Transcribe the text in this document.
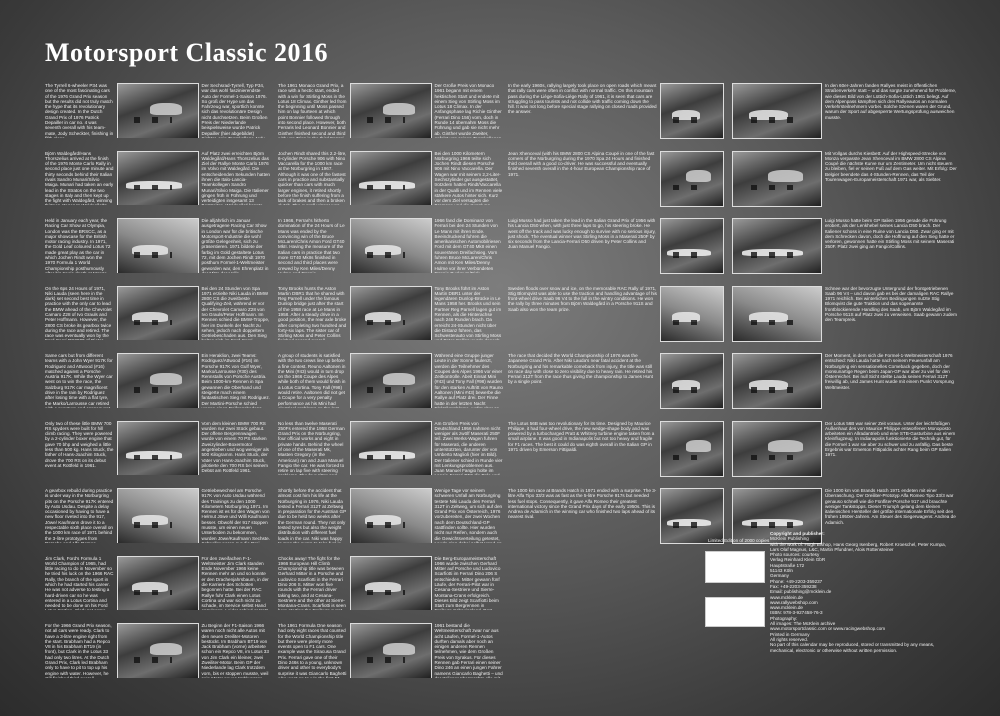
Motorsport Classic 2016

The Tyrrell 6-wheeler P34 was one of the most fascinating cars of the 1976 Grand Prix season but the results did not truly match the hype that its revolutionary design created. In the Dutch Grand Prix of 1976 Patrick Depailler in car no. 4 was seventh overall with his team-mate, Jody Scheckter, finishing in

Der Sechsrad-Tyrrell, Typ P34, war das wohl faszinierendste Auto der Formel-1-Saison 1976. So groß der Hype um das Fahrzeug war, sportlich konnte sich das revolutionäre Design nicht durchsetzen. Beim Großen Preis der Niederlande beispielsweise wurde Patrick Depailler (hier abgebildet)

Björn Waldegård/Hans Thorszelius arrived at the finish of the 1976 Monte Carlo Rally in second place just one minute and thirty seconds behind their Italian rivals Sandro Munari/Silvio Maiga. Munari had taken an early lead in the Stratos on the two stages in Italy and then kept up the fight with Waldegård, winning

Auf Platz zwei erreichten Björn Waldegård/Hans Thorszelius das Ziel der Rallye Monte Carlo 1976 im Volvo mit Waldegård. Die entscheidenden Sekunden hatten ihnen die Italo-Lancia-Teamkollegen Sandro Munari/Silvio Maiga. Die Italiener gingen früh in Führung und verteidigten insgesamt 13

Held in January each year, the Racing Car Show at Olympia, London was the BRSCC, as a major showcase for the British motor racing industry. In 1971, the Gold Leaf coloured Lotus 72 made great play as the car in which Jochen Rindt won the 1970 Formula 1 World Championship posthumously

Die alljährlich im Januar ausgetragene Racing Car Show in London war für die britische Motorsport-Industrie die wohl größte Gelegenheit, sich zu präsentieren. 1971 bildete der farbig im Gold gestaltete Lotus 72, mit dem Jochen Rindt 1970 posthum Formel-1-Weltmeister geworden war, den Ehrenplatz in

On the 6ps 24 Hours of 1971, Niki Lauda (seen here in the dark) set second best time in practice with the only car to lead the BMW ahead of the Chevrolet Camaro Z28 of Ivo Grauls and Peter Hoffmann. However, the 2800 CS broke its gearbox twice during the race and retired. The race was eventually won by the

Bei den 24 Stunden von Spa 1971 erzielte Niki Lauda in BMW 2800 CS die zweitbeste Qualifying-Zeit, während er vor der Chevrolet Camaro Z28 von Ivo Grauls/Peter Hoffmann. Im Rennen schied die BMW-Troppe, hier im Dunkeln der Nacht zu sehen, jedoch nach doppeltem Getriebeschaden aus. Den Sieg

Same cars but from different teams with a John Wyer 917K for Rodriguez and Attwood (#16) matched against a Porsche Austria 917K. While the Wyer car went on to win the race, the Salzburg 917K car magnificent drive in the rain by Rodriguez after losing time with a flat tyre, the Marko/Larrousse car retired

Ein Heraklion, zwei Teams: Rodriguez/Attwood (#16) im Porsche 917K von Gulf Wyer, Marko/Larrousse (#30) des Rennstalls von Porsche Austria. Beim 1000-km-Rennen in Spa gewannen die Oberhand und steigerte mach einem fantastischen Sieg mit Rodriguez. Der Martini-Porsche schied

Only two of these little BMW 700 RS spyders were built for hill climb racing. They were powered by a 2-cylinder boxer engine that gave 70 bhp and weighed a little less than 500 kg. Hans Stuck, the father of Hans-Joachim Stuck, drove the 700 RS on its debut event at Rottfeld in 1961.

Vom dem kleinen BMW 700 RS wurden nur zwei Stück gebaut. Der offene Bergrennwagen wurde von einem 70 PS starken Zweizylinder-Boxermotor angetrieben und wog weniger als 500 Kilogramm. Hans Stuck, der Vater von Hans-Joachim Stuck, pilotierte den 700 RS bei seinem Debüt am Rottfeld 1961.

A gearbox rebuild during practice is under way in the Nürburgring pits on the Porsche 917K entered by Auto Usdau. Despite a delay occasioned by having to have a new floor riveted into the 917, Jöwe/ Kaufmann drove it to a respectable sixth place overall on the 1000 km race of 1971 behind the 3-litre prototypes from

Getriebewechsel am Porsche 917K von Auto Usdau während des Trainings zu den 1000 Kilometern Nürburgring 1971. Im Rennen ist es für den Wagen von Helmut Jöwe und Willi Kaufmann besser. Obwohl der 917 stoppen musste, um einen neuen Unterboden zu bekommen, wurden Jöwe/Kaufmann Sechste.

Jim Clark, Ford's Formula 1 World Champion of 1965, had little racing to do in November so he tried his luck on the 1966 RAC Rally, the branch of the sport in which he had started his career. He was not adverse to testing a hard-driven car so he was entered in a Lotus Cortina and needed to be done on his Ford

Für den zweifachen F-1-Weltmeister Jim Clark standen Ende November 1966 keine Rennen mehr an und so konnte er den Drachenjahrsbaum, in der die Karriere des Schotten begonnen hatte. Bei der RAC Rallye fuhr Clark einen Lotus Cortina und war sich nicht zu schade, im Service selbst Hand

For the 1966 Grand Prix season, not all cars were ready. Clark to have a 3-litre engine right from the start. Brabham had a Repco V8 in his Brabham BT19 (in front), but Clark in the Lotus 33 had only two litres. At the Dutch Grand Prix, Clark led Brabham only to have to pit to top up his engine with water. However, he

Zu Beginn der F1-Saison 1966 waren noch nicht alle Autos mit den neuen Dreiliter-Motoren bestückt. Im Brabham BT19 von Jack Brabham (vorne) arbeitete schon ein Repco V8, im Lotus 33 von Jim Clark ein kleiner, zwei Zweiliter-Motor. Beim GP der Niederlande lag Clark trotzdem vorn, bis er stoppen musste, weil

The 1961 Monaco Grand Prix, a race with a hectic start, ended with a win for Stirling Moss in the Lotus 18 Climax. Ginther led from the beginning until Moss passed him on lap fourteen at which point Bonnier followed through into second place. However, both Ferraris led Leonard Bonnier and Ginther finished second and third

Der Große Preis von Monaco 1961 begann mit einem hektischen Start und endete mit einem Sieg von Stirling Moss im Lotus 18 Climax. In der Anfangsphase lag Richie Ginther (Ferrari Dino 156) vorn, doch in Runde 14 übernahm Moss die Führung und gab sie nicht mehr ab. Ginther wurde Zweiter,

Jochen Rindt shared this 2.2-litre, 6-cylinder Porsche 906 with Nino Vaccarella for the 1000 km race at the Nürburgring in 1967. Although it was one of the fastest cars in practice and substantially quicker than cars with much larger engines, it retired shortly before the finish suffering from a lack of brakes and then a broken

Bei den 1000 Kilometern Nürburgring 1966 teilte sich Jochen Rindt diesen Porsche 906 mit Nino Vaccarella. Der Wagen war mit seinem 2,2-Liter-Sechszylinder gut ausgestattet, trotzdem hatten Rindt/Vaccarella in der Qualli und im Rennen viele stärkere Autos hinter sich. Kurz vor dem Ziel versagten die

In 1966, Ferrari's hitherto domination of the 24 Hours of Le Mans was ended by the convincing win of the Bruce McLaren/Chris Amon Ford GT40 MkII. Having the measure of the Italian cars in practice that two more GT40 MkIIs finished in second and third places were crewed by Ken Miles/Denny

1966 fand die Dominanz von Ferrari bei den 24 Stunden von Le Mans mit ihren Ende. Beeindruckend fuhren die amerikanischen Automobilriesen Ford mit dem GT40 MkII einen souveränen Dreifachsieg. Vorn fuhren Bruce McLaren/Chris Amon mit Ken Miles/Denny Hulme vor ihrer Verbündeten

Tony Brooks hunts the Aston Martin DBR1 that he shared with Reg Parnell under the famous Dunlop bridge just after the start of the 1958 race at Le Mans in 1958. After a steady drive in a good position, the rear axle broke after completing two hundred and forty-six laps. The sister car of Stirling Moss and Peter Collins

Tony Brooks führt im Aston Martin DBR1 unter der legendären Dunlop-Brücke in Le Mans 1958 her. Brooks und sein Partner Reg Parnell lagen gut im Rennen, als die Hinterachse nach 246 Runden brach. Da erreicht 24-Stunden nicht über die Distanz führen, das Schwesterauto von Stirling Moss

A group of students is satisfied with the two crews line up before a fine contest. Reuno Aaltonen in the Mini (#43) would in turn drop on the 1966 Coupe des Alpes while both of them would finish in a Lotus Cortina. Tony Fall (#98) would retire. Aaltonen did not get a Coupe for a very penalty performance as his Mini had

Während eine Gruppe junger Leute in der Sonne faulenzt, werden die Teilnehmer des Coupes des Alpes 1966 vor einer Zeitkontrolle. Abeit Einsat Mini (#43) und Tony Fall (#98) wurden für den starken Auftritt von Rauno Aaltonen (Mini #43) bewerbe die Rallye auf Platz drei. Der Finne hatte in der letzten Nacht

No less than twelve Maserati 250Fs entered the 1958 German Grand Prix on the Nürburgring, four official works and eight in private hands. Behind the wheel of one of the Maserati Mk, Masten Gregory (in the American) ran and Juan Manuel Fangio the car. He was forced to retire on lap five with steering

Am Großen Preis von Deutschland 1956 nahmen nicht weniger als zwölf Maserati 250F teil. Zwei Werks-Wagen fuhren für Maserati, die anderen unterstützten, darunter der von Umberto Maglioli (hier im Bild). Der Italiener schied in Runde vier mit Lenkungsproblemen aus. Juan Manuel Fangio holte im

Shortly before the accident that almost cost him his life at the Nürburgring in 1976, Niki Lauda tested a Ferrari 312T at Zeltweg in preparation for the Austrian GP due to be held two weeks after the German round. They not only tested tyres but also the weight distribution with different fuel loads in the car. Niki was happy

Wenige Tage vor seinem schweren Unfall am Nürburgring testete Niki Lauda den Ferrari 312T in Zeltweg, um sich auf den Grand Prix von Österreich, 1976 vorzubereiten, der zwei Wochen nach dem Deutschland-GP stattfinden sollte. Hier wurden nicht nur Reifen, sondern auch die Gewichtsverteilung getestet,

Chocks away! The fight for the 1966 European Hill Climb Championship title was between Gerhard Mitter in a Porsche and Ludovico Scarfiotti in the Ferrari Dino 206 S. Mitter won five rounds with the Ferrari driver taking two, and at Cesana-Sestriere and the other at Sierre-Montana-Crans. Scarfiotti is seen

Die Berg-Europameisterschaft 1966 wurde zwischen Gerhard Mitter auf Porsche und Ludovico Scarfiotti im Ferrari Dino 206 S entschieden. Mitter gewann fünf Läufe, der Ferrari-Pilot war in Cesana-Sestriere und Sierre-Montana-Crans erfolgreich. Dieses Bild zeigt Scarfiotti beim Start zum Bergrennen in

The 1961 Formula One season had only eight races that counted for the World Championship title but there were plenty more events open to F1 cars. One example was the Siracusa Grand Prix. Ferrari gave one of their Dino 246s to a young, unknown driver and other to everybody's surprise it was Giancarlo Baghetti

1961 bestand die Weltmeisterschaft zwar nur aus acht Läufen, Formel-1-Autos durften damals aber noch an einigen anderen Rennen teilnehmen, wie dem Großen Preis von Syrakus. Für dieses Rennen gab Ferrari einen seiner Dino 246 an einen jungen Fahrer namens Giancarlo Baghetti – und

In the early 1960s, rallying largely took place on open roads which meant that rally cars were often in conflict with normal traffic. On this mountain pass during the Liège-Sofia-Liège Rally of 1961, it is seen that cars are struggling to pass tourists and not collide with traffic coming down the hill. It was not long before special stage rallying on closed roads provided the answer.

Jean Xhenceval (with his BMW 2800 CS Alpina Coupé in one of the fast corners of the Nürburgring during the 1970 Spa 24 Hours and finished third overall with a good co-driver. He was successful and eventually finished seventh overall in the 4-hour European Championship race of 1971.

Luigi Musso had just taken the lead in the Italian Grand Prix of 1956 with his Lancia D50 when, with just three laps to go, his steering broke. He went off the track and was lucky enough to survive with no serious injury, just shock. The eventual winner was Stirling Moss in a Maserati 250F by six seconds from the Lancia-Ferrari D50 driven by Peter Collins and Juan Manuel Fangio.

Sweden floods over snow and ice, on the memorable RAC Rally of 1971, Stig Blomqvist was able to use the traction and handling advantage of his front-wheel drive Saab 96 V4 to the full in the wintry conditions. He won the rally by three minutes from Björn Waldegård in a Porsche 911S and Saab also won the team prize.

The race that decided the World Championship of 1976 was the Japanese Grand Prix. After Niki Lauda's near fatal accident at the Nürburgring and his remarkable comeback from injury, the title was still on race day with close to zero visibility due to heavy rain. He retired his Ferrari 312T from the race thus giving the championship to James Hunt by a single point.

The Lotus 56B was too revolutionary for its time. Designed by Maurice Philippe, it had four-wheel drive, the new wedge-shape body and was powered by a turbocharged Pratt & Whitney turbine engine taken from a small airplane. It was good in Indianapolis but not too heavy and fragile for F1 races. The best it could do was eighth overall in the Italian GP in 1971 driven by Emerson Fittipaldi.

The 1000 km race at Brands Hatch in 1971 ended with a surprise. The 3-litre Alfa Tipo 33/3 was as fast as the 5-litre Porsche 917s but needed less fuel stops. Consequently, it gave Alfa Romeo their greatest international victory since the Grand Prix days of the early 1950s. This is Andrea de Adamich in the winning car who finished two laps ahead of its nearest rival.

In den 60er-Jahren fanden Rallyes meist in öffentlichen Straßenverkehr statt – und das sorgte zunehmend für Probleme, wie dieses Bild von der Lüttich-Sofia-Lüttich 1961 belegt. Auf dem Alpenpass kämpften sich drei Rallyeautos an normalen Verkehrsteilnehmern vorbei. Solche Szenen waren der Grund, warum der Sport auf abgesperrte Wertungsprüfung ausweichen musste.

Mit Vollgas durchs Kiesbett: Auf der Highspeed-Strecke von Monza verpasste Jean Xhenceval im BMW 2800 CS Alpina Coupé die nächste Kurve nur um Zentimeter. Um nicht steuern zu bleiben, fiel er seinen Fuß auf dem Gas weiter. Mit Erfolg: Der Belgier beendete das 4-Stunden-Rennen, das Teil der Tourenwagen-Europameisterschaft 1971 war, als Siebter.

Luigi Musso hatte beim GP Italien 1956 gerade die Führung erobert, als der Lenkhebel seines Lancia D50 brach. Der Italiener schoss in eine Ruine von Lancia D50. Zwar ging er mit dem Schrecken davon, doch die Hoffnung auf den Sieg hatte er verloren, gewonnen hatte ein Stirling Moss mit seinem Maserati 250F. Platz zwei ging an Fangio/Collins.

Schnee war der bevorzugte Untergrund der frontgetriebenen Saab 96 V4 – und davon gab es bei der damaligen RAC Rallye 1971 reichlich. Bei winterlichen Bedingungen nutzte Stig Blomqvist die gute Traktion und das sogenannte frontblockierende Handling des Saab, um Björn Waldegård im Porsche 911S auf Platz zwei zu verweisen. Saab gewann zudem den Teampreis.

Der Moment, in dem sich die Formel-1-Weltmeisterschaft 1976 entschied: Niki Lauda hatte nach seinem Feuerunfall am Nürburgring ein sensationelles Comeback gegeben, doch der monsunartige Regen beim Japan-GP war aber zu viel für den Österreicher. Bei null Sicht stellte Lauda seinen Ferrari 312T freiwillig ab, und James Hunt wurde mit einem Punkt Vorsprung Weltmeister.

Der Lotus 56B war seiner Zeit voraus. Unter der leichtfüßigen Außenhaut des von Maurice Philippe entworfenen Monoposto arbeiteten ein Allradantrieb und eine STB-Gasturbine aus einem Kleinflugzeug. In Indianapolis funktionierte die Technik gut, für die Formel 1 war sie aber zu schwer und zu anfällig. Das beste Ergebnis war Emerson Fittipaldis achter Rang beim GP Italien 1971.

Die 1000 km von Brands Hatch 1971 endeten mit einer Überraschung. Der Dreiliter-Prototyp Alfa Romeo Tipo 33/3 war genauso schnell wie die Fünfliter-Porsche 917 und brauchte weniger Tankstopps. Dieser Triumph gelang dem kleinen italienischen Hersteller der größte internationale Erfolg seit den frühen 1950er-Jahren. Am Steuer des Siegerwagens: Andrea de Adamich.

Limited Edition of 2000 copies
Copyright and publisher:
McKlein Publishing
with the work of: Hugh Bishop, Hans Georg Isenberg, Robert Kroeschel, Peter Kumpa,
Lars Olaf Magnus, L&C, Martin Pfundner, Alois Rottensteiner
Photo sources: courtesy
Verlag Reinhard Klein GbR
Hauptstraße 172
51143 Köln
Germany
Phone: +49-2203-359237
Fax: +49-2203-359238
Email: publishing@mcklein.de
www.mcklein.de
www.rallywebshop.com
www.mcklein.de
ISBN: 978-3-927458-76-3
Photography:
All images: The McKlein archive
www.motorsportclassic.com or www.racingwebshop.com
Printed in Germany
All rights reserved.
No part of this calendar may be reproduced, stored or transmitted by any means, mechanical, electronic or otherwise without written permission.
